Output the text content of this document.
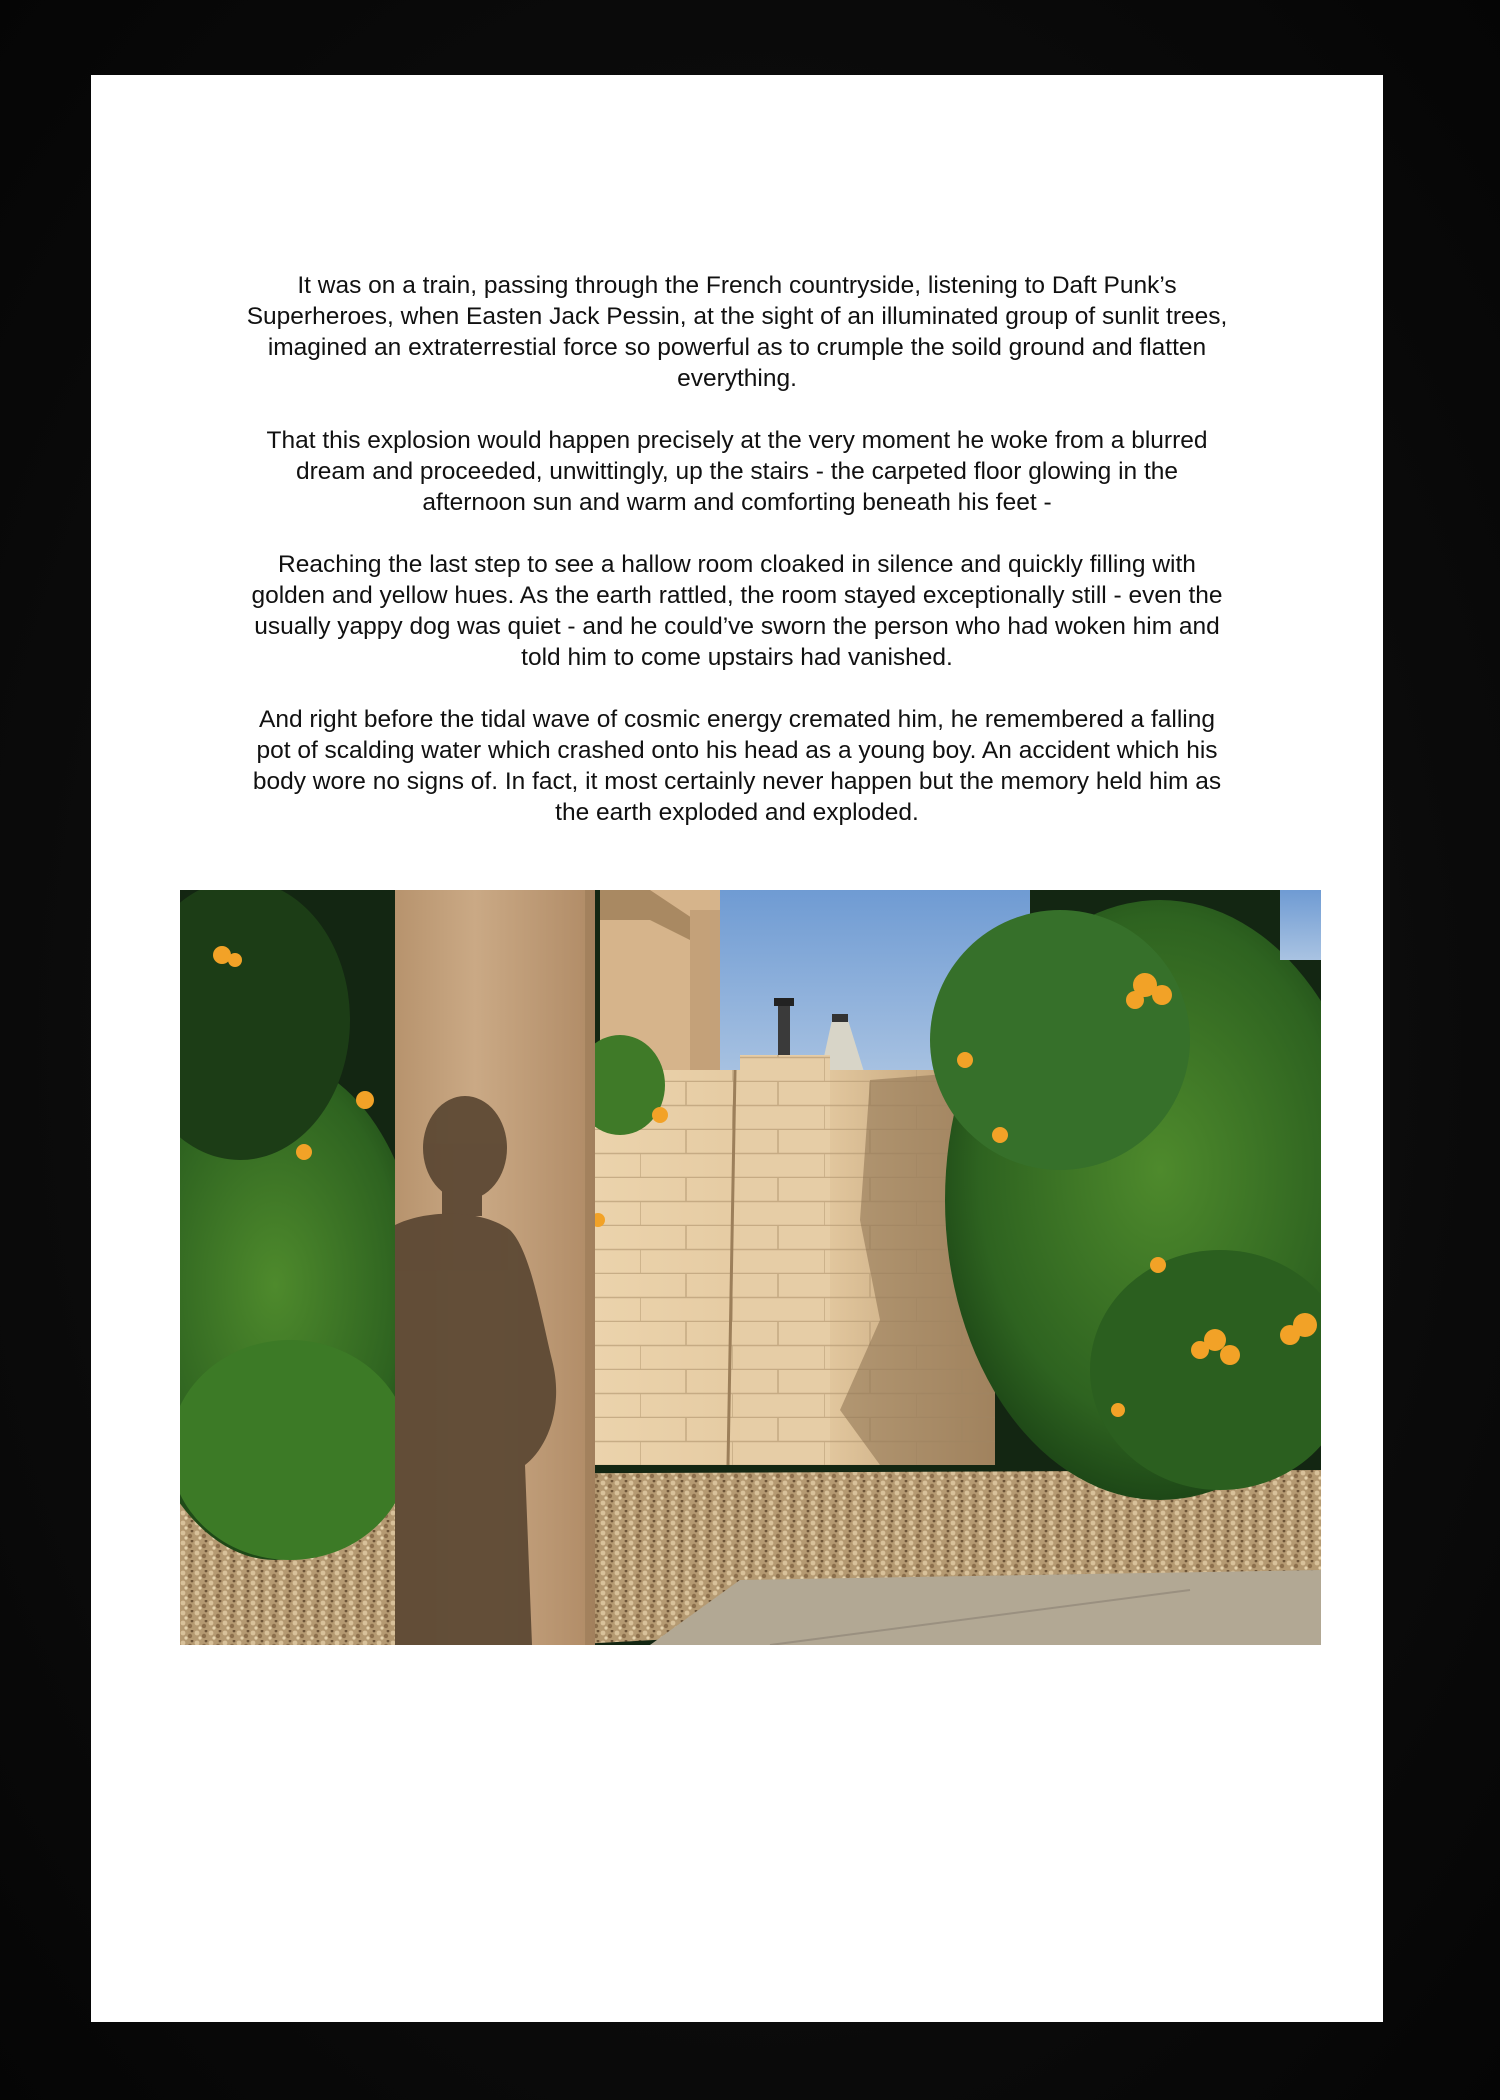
It was on a train, passing through the French countryside, listening to Daft Punk’s Superheroes, when Easten Jack Pessin, at the sight of an illuminated group of sunlit trees, imagined an extraterrestial force so powerful as to crumple the soild ground and flatten everything.

That this explosion would happen precisely at the very moment he woke from a blurred dream and proceeded, unwittingly, up the stairs - the carpeted floor glowing in the afternoon sun and warm and comforting beneath his feet -

Reaching the last step to see a hallow room cloaked in silence and quickly filling with golden and yellow hues. As the earth rattled, the room stayed exceptionally still - even the usually yappy dog was quiet - and he could’ve sworn the person who had woken him and told him to come upstairs had vanished.

And right before the tidal wave of cosmic energy cremated him, he remembered a falling pot of scalding water which crashed onto his head as a young boy. An accident which his body wore no signs of. In fact, it most certainly never happen but the memory held him as the earth exploded and exploded.
